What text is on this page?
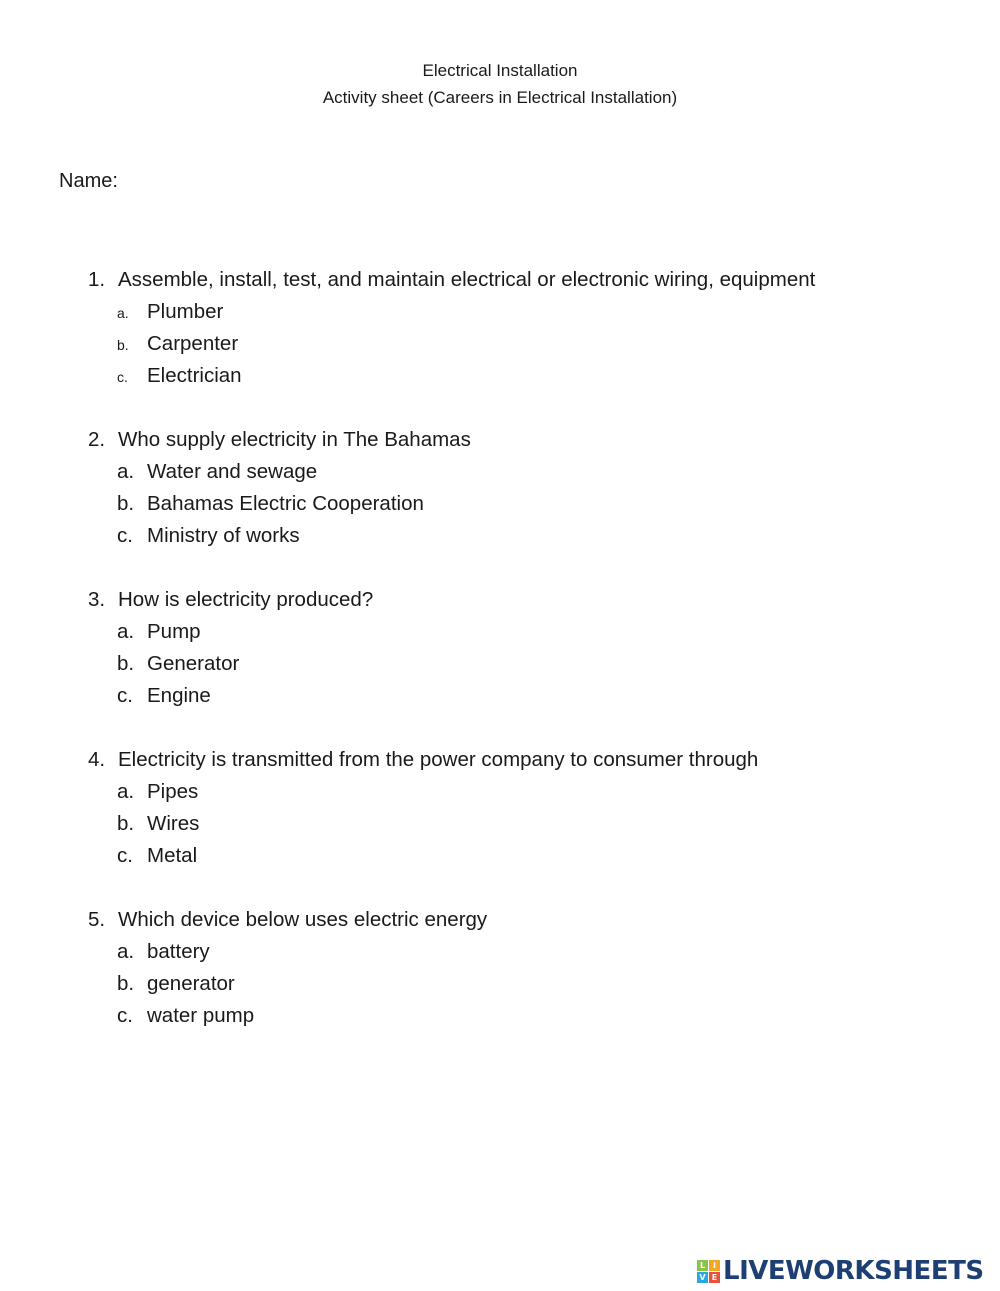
Electrical Installation
Activity sheet (Careers in Electrical Installation)
Name:
1. Assemble, install, test, and maintain electrical or electronic wiring, equipment
a. Plumber
b. Carpenter
c. Electrician
2. Who supply electricity in The Bahamas
a. Water and sewage
b. Bahamas Electric Cooperation
c. Ministry of works
3. How is electricity produced?
a. Pump
b. Generator
c. Engine
4. Electricity is transmitted from the power company to consumer through
a. Pipes
b. Wires
c. Metal
5. Which device below uses electric energy
a. battery
b. generator
c. water pump
L I
V E LIVEWORKSHEETS
